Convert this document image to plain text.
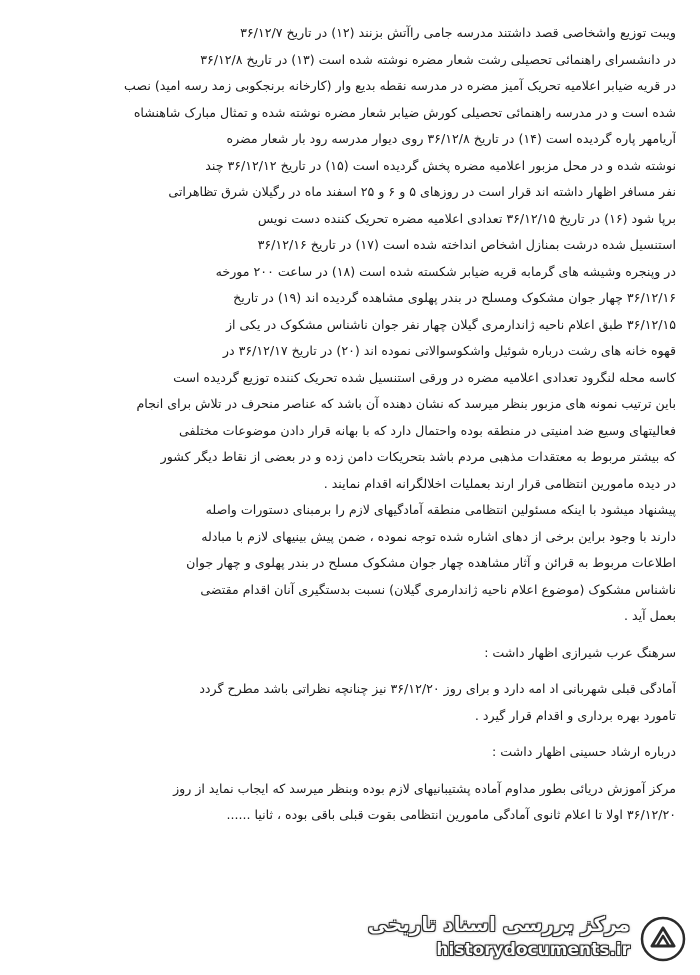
ویبت توزیع واشخاصی قصد داشتند مدرسه جامی راآتش بزنند (۱۲) در تاریخ ۳۶/۱۲/۷
در دانشسرای راهنمائی تحصیلی رشت شعار مضره نوشته شده است (۱۳) در تاریخ ۳۶/۱۲/۸
در قریه ضیابر اعلامیه تحریک آمیز مضره در مدرسه نقطه بدیع وار (کارخانه برنجکوبی زمد رسه امید) نصب
شده است و در مدرسه راهنمائی تحصیلی کورش ضیابر شعار مضره نوشته شده و تمثال مبارک شاهنشاه
آریامهر پاره گردیده است (۱۴) در تاریخ ۳۶/۱۲/۸ روی دیوار مدرسه رود بار شعار مضره
نوشته شده و در محل مزبور اعلامیه مضره پخش گردیده است (۱۵) در تاریخ ۳۶/۱۲/۱۲ چند
نفر مسافر اظهار داشته اند قرار است در روزهای ۵ و ۶ و ۲۵ اسفند ماه در رگیلان شرق تظاهراتی
برپا شود (۱۶) در تاریخ ۳۶/۱۲/۱۵ تعدادی اعلامیه مضره تحریک کننده دست نویس
استنسیل شده درشت بمنازل اشخاص انداخته شده است (۱۷) در تاریخ ۳۶/۱۲/۱۶
در وپنجره وشیشه های گرمابه قریه ضیابر شکسته شده است (۱۸) در ساعت ۲۰۰ مورخه
۳۶/۱۲/۱۶ چهار جوان مشکوک ومسلح در بندر پهلوی مشاهده گردیده اند (۱۹) در تاریخ
۳۶/۱۲/۱۵ طبق اعلام ناحیه ژاندارمری گیلان چهار نفر جوان ناشناس مشکوک در یکی از
قهوه خانه های رشت درباره شوئیل واشکوسوالاتی نموده اند (۲۰) در تاریخ ۳۶/۱۲/۱۷ در
کاسه محله لنگرود تعدادی اعلامیه مضره در ورقی استنسیل شده تحریک کننده توزیع گردیده است
باین ترتیب نمونه های مزبور بنظر میرسد که نشان دهنده آن باشد که عناصر منحرف در تلاش برای انجام
فعالیتهای وسیع ضد امنیتی در منطقه بوده واحتمال دارد که با بهانه قرار دادن موضوعات مختلفی
که بیشتر مربوط به معتقدات مذهبی مردم باشد بتحریکات دامن زده و در بعضی از نقاط دیگر کشور
در دیده مامورین انتظامی قرار ارند بعملیات اخلالگرانه اقدام نمایند .
پیشنهاد میشود با اینکه مسئولین انتظامی منطقه آمادگیهای لازم را برمبنای دستورات واصله
دارند با وجود براین برخی از دهای اشاره شده توجه نموده ، ضمن پیش بینیهای لازم با مبادله
اطلاعات مربوط به قرائن و آثار مشاهده چهار جوان مشکوک مسلح در بندر پهلوی و چهار جوان
ناشناس مشکوک (موضوع اعلام ناحیه ژاندارمری گیلان) نسبت بدستگیری آنان اقدام مقتضی
بعمل آید .
سرهنگ عرب شیرازی اظهار داشت :
آمادگی قبلی شهربانی اد امه دارد و برای روز ۳۶/۱۲/۲۰ نیز چنانچه نظراتی باشد مطرح گردد
تامورد بهره برداری و اقدام قرار گیرد .
درباره ارشاد حسینی اظهار داشت :
مرکز آموزش دریائی بطور مداوم آماده پشتیبانیهای لازم بوده وبنظر میرسد که ایجاب نماید از روز
۳۶/۱۲/۲۰ اولا تا اعلام ثانوی آمادگی مامورین انتظامی بقوت قبلی باقی بوده ، ثانیا ......
مرکز بررسی اسناد تاریخی
historydocuments.ir
